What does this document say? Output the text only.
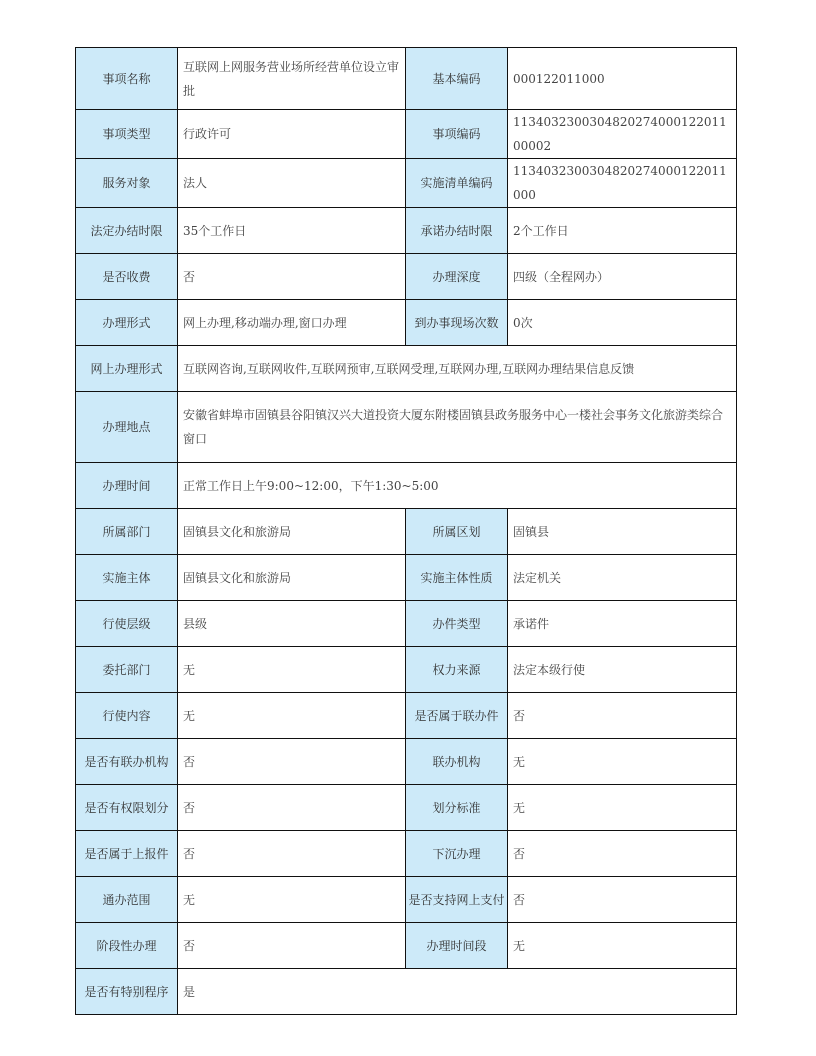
事项名称	互联网上网服务营业场所经营单位设立审批	基本编码	000122011000
事项类型	行政许可	事项编码	11340323003048202740001220110​0002
服务对象	法人	实施清单编码	113403230030482027400012201100​0
法定办结时限	35个工作日	承诺办结时限	2个工作日
是否收费	否	办理深度	四级（全程网办）
办理形式	网上办理,移动端办理,窗口办理	到办事现场次数	0次
网上办理形式	互联网咨询,互联网收件,互联网预审,互联网受理,互联网办理,互联网办理结果信息反馈		
办理地点	安徽省蚌埠市固镇县谷阳镇汉兴大道投资大厦东附楼固镇县政务服务中心一楼社会事务文化旅游类综合窗口		
办理时间	正常工作日上午9:00~12:00，下午1:30~5:00		
所属部门	固镇县文化和旅游局	所属区划	固镇县
实施主体	固镇县文化和旅游局	实施主体性质	法定机关
行使层级	县级	办件类型	承诺件
委托部门	无	权力来源	法定本级行使
行使内容	无	是否属于联办件	否
是否有联办机构	否	联办机构	无
是否有权限划分	否	划分标准	无
是否属于上报件	否	下沉办理	否
通办范围	无	是否支持网上支付	否
阶段性办理	否	办理时间段	无
是否有特别程序	是		
